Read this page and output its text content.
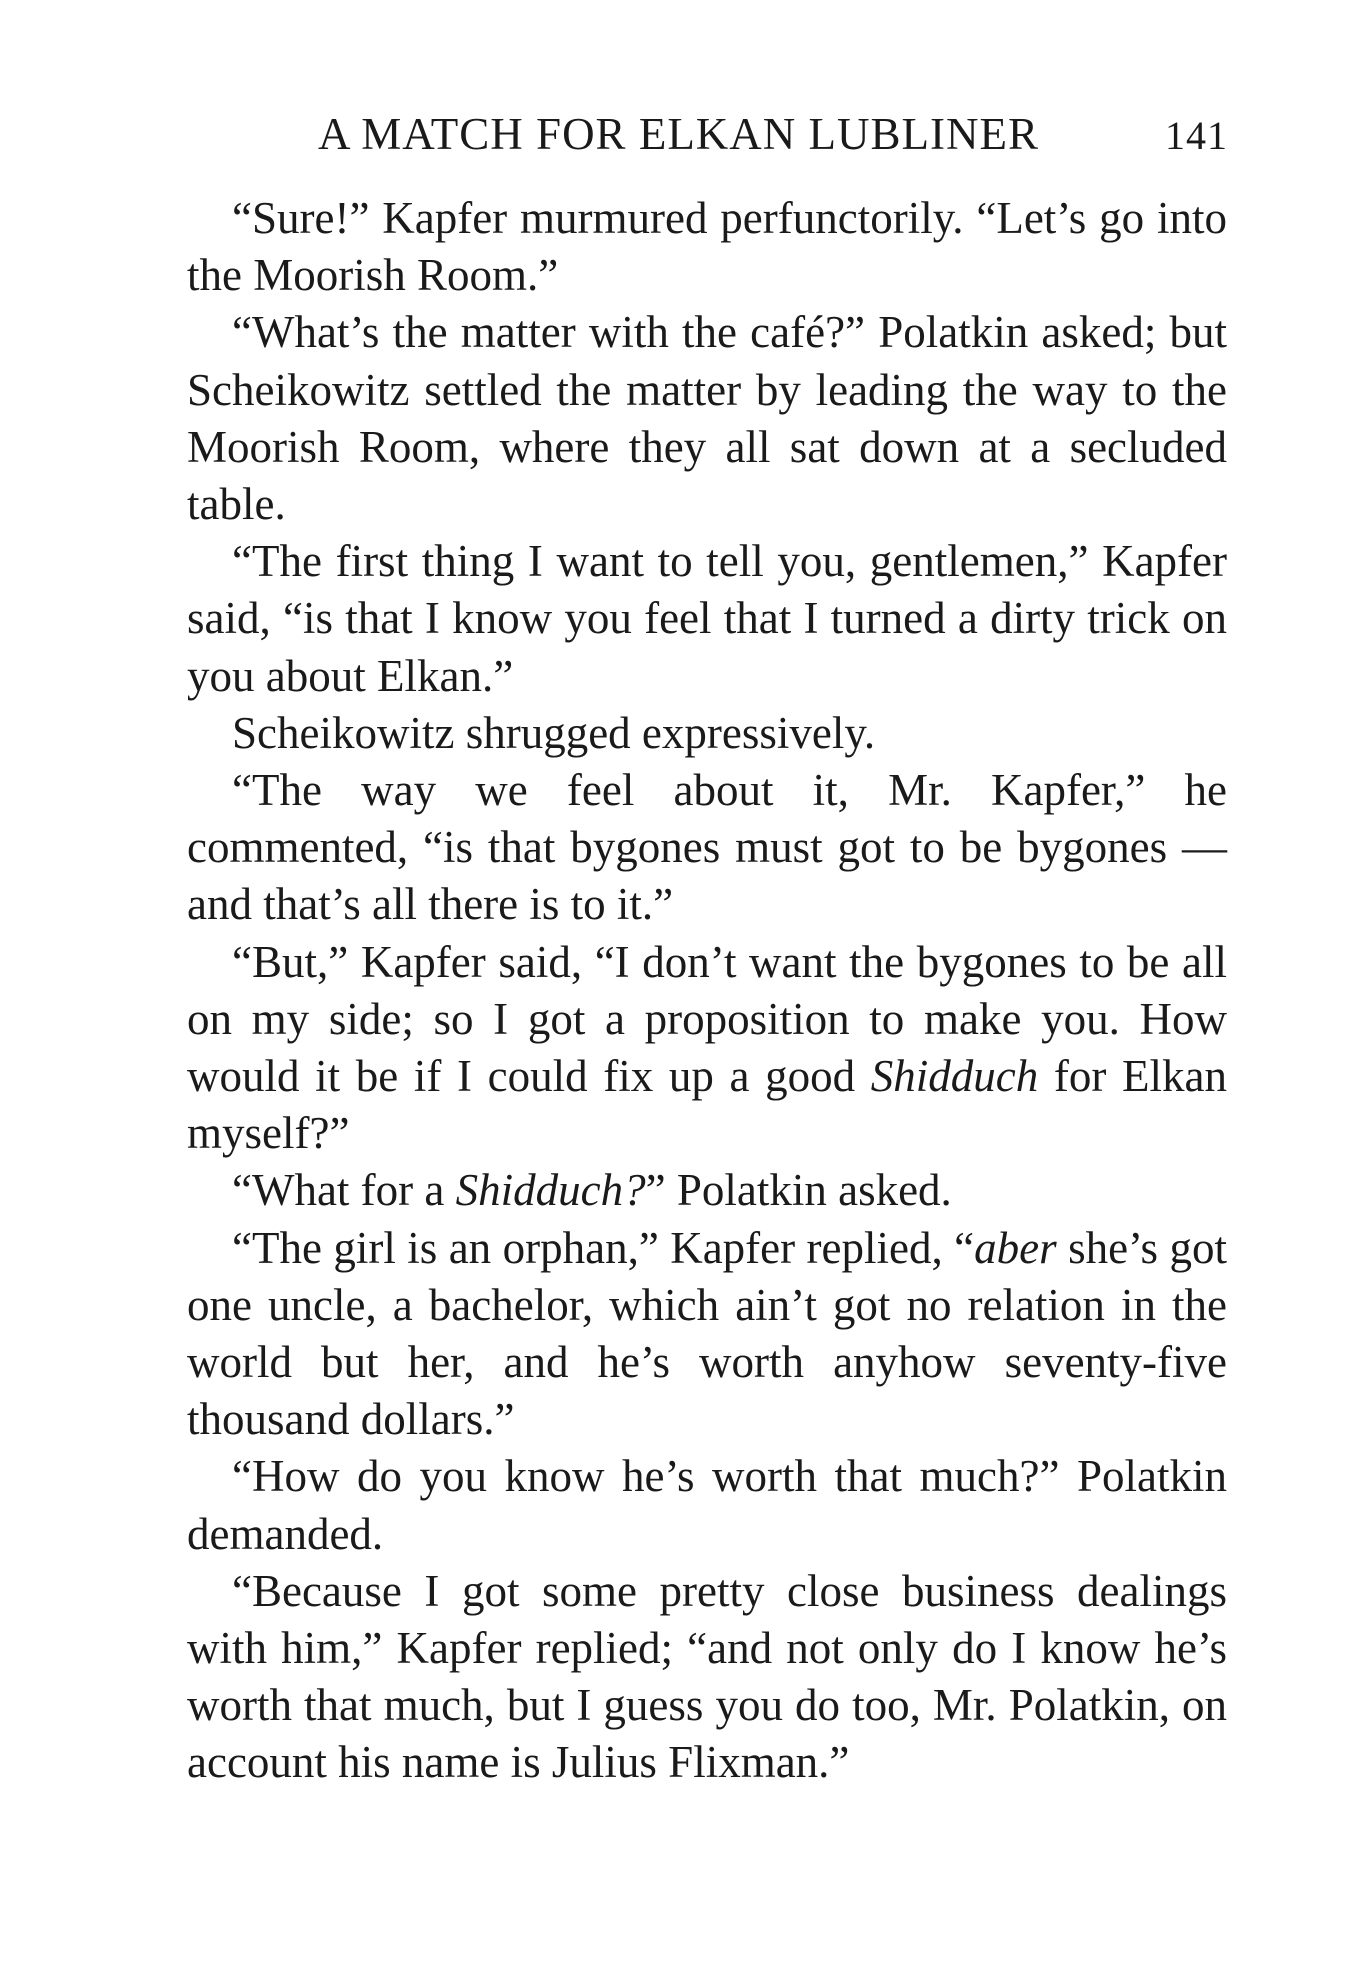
A MATCH FOR ELKAN LUBLINER	141

“Sure!” Kapfer murmured perfunctorily. “Let’s go into the Moorish Room.”

“What’s the matter with the café?” Polatkin asked; but Scheikowitz settled the matter by leading the way to the Moorish Room, where they all sat down at a secluded table.

“The first thing I want to tell you, gentlemen,” Kapfer said, “is that I know you feel that I turned a dirty trick on you about Elkan.”

Scheikowitz shrugged expressively.

“The way we feel about it, Mr. Kapfer,” he commented, “is that bygones must got to be bygones — and that’s all there is to it.”

“But,” Kapfer said, “I don’t want the bygones to be all on my side; so I got a proposition to make you. How would it be if I could fix up a good Shidduch for Elkan myself?”

“What for a Shidduch?” Polatkin asked.

“The girl is an orphan,” Kapfer replied, “aber she’s got one uncle, a bachelor, which ain’t got no relation in the world but her, and he’s worth anyhow seventy-five thousand dollars.”

“How do you know he’s worth that much?” Polatkin demanded.

“Because I got some pretty close business dealings with him,” Kapfer replied; “and not only do I know he’s worth that much, but I guess you do too, Mr. Polatkin, on account his name is Julius Flixman.”
